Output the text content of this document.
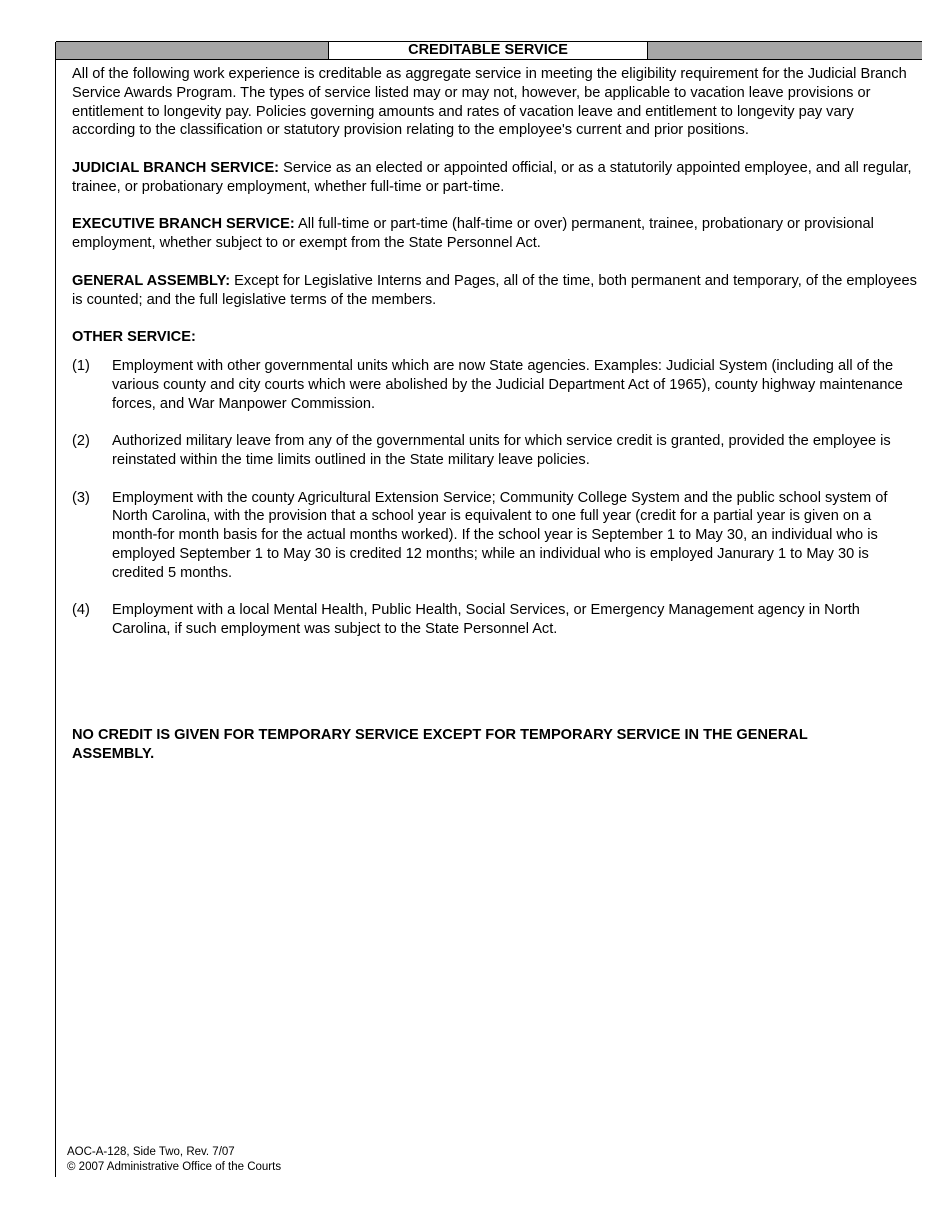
CREDITABLE SERVICE

All of the following work experience is creditable as aggregate service in meeting the eligibility requirement for the Judicial Branch Service Awards Program. The types of service listed may or may not, however, be applicable to vacation leave provisions or entitlement to longevity pay. Policies governing amounts and rates of vacation leave and entitlement to longevity pay vary according to the classification or statutory provision relating to the employee's current and prior positions.

JUDICIAL BRANCH SERVICE: Service as an elected or appointed official, or as a statutorily appointed employee, and all regular, trainee, or probationary employment, whether full-time or part-time.

EXECUTIVE BRANCH SERVICE: All full-time or part-time (half-time or over) permanent, trainee, probationary or provisional employment, whether subject to or exempt from the State Personnel Act.

GENERAL ASSEMBLY: Except for Legislative Interns and Pages, all of the time, both permanent and temporary, of the employees is counted; and the full legislative terms of the members.

OTHER SERVICE:
(1) Employment with other governmental units which are now State agencies. Examples: Judicial System (including all of the various county and city courts which were abolished by the Judicial Department Act of 1965), county highway maintenance forces, and War Manpower Commission.
(2) Authorized military leave from any of the governmental units for which service credit is granted, provided the employee is reinstated within the time limits outlined in the State military leave policies.
(3) Employment with the county Agricultural Extension Service; Community College System and the public school system of North Carolina, with the provision that a school year is equivalent to one full year (credit for a partial year is given on a month-for month basis for the actual months worked). If the school year is September 1 to May 30, an individual who is employed September 1 to May 30 is credited 12 months; while an individual who is employed Janurary 1 to May 30 is credited 5 months.
(4) Employment with a local Mental Health, Public Health, Social Services, or Emergency Management agency in North Carolina, if such employment was subject to the State Personnel Act.
NO CREDIT IS GIVEN FOR TEMPORARY SERVICE EXCEPT FOR TEMPORARY SERVICE IN THE GENERAL ASSEMBLY.
AOC-A-128, Side Two, Rev. 7/07
© 2007 Administrative Office of the Courts
